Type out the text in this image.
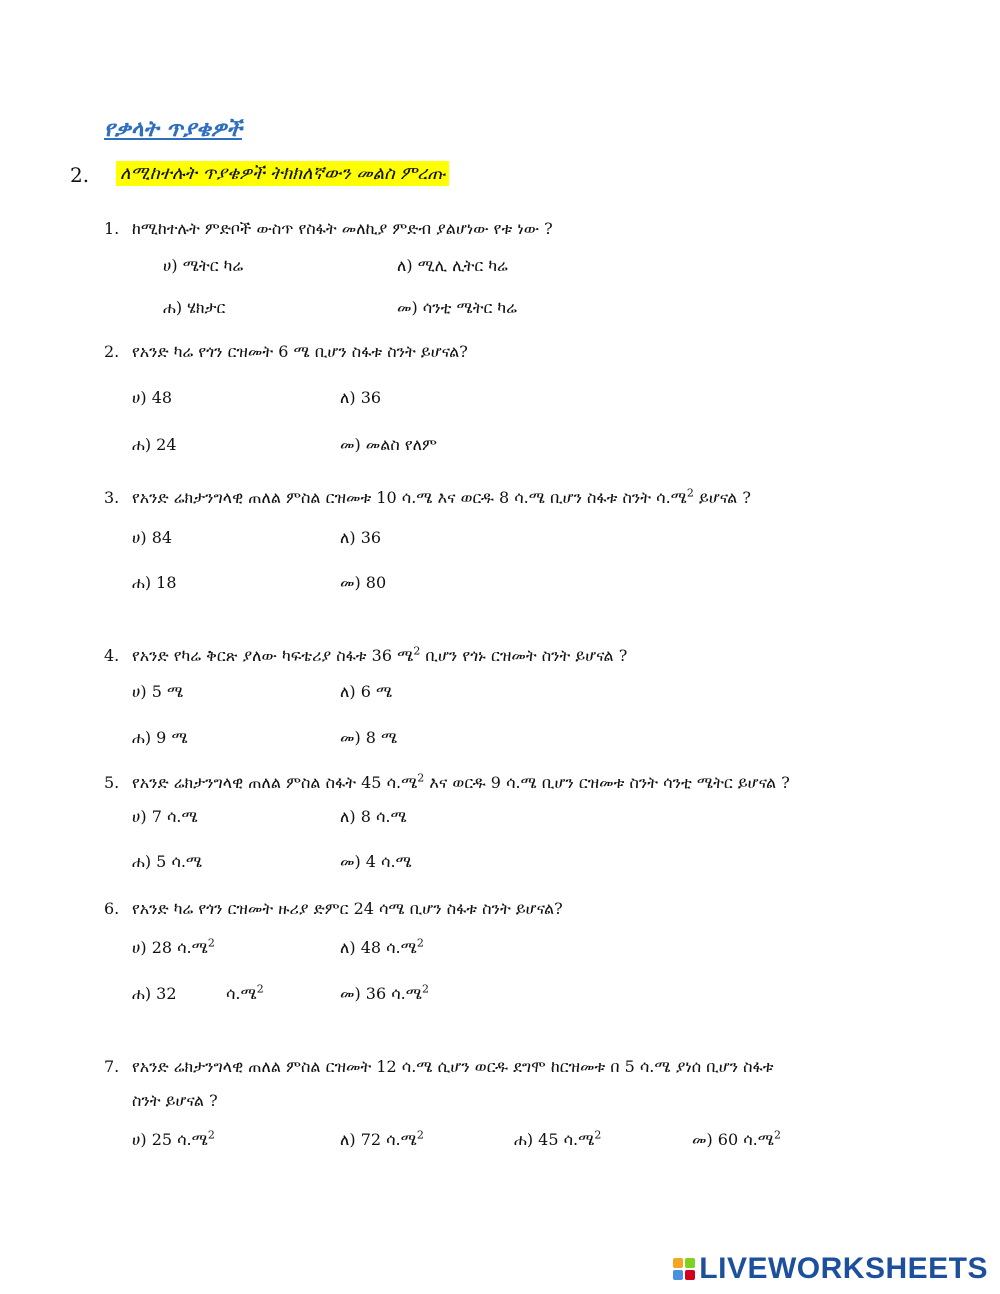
የቃላት ጥያቄዎች
2. ለሚከተሉት ጥያቄዎች ትክክለኛውን መልስ ምረጡ
1. ከሚከተሉት ምድቦች ውስጥ የስፋት መለኪያ ምድብ ያልሆነው የቱ ነው ?
ሀ) ሜትር ካሬ	ለ) ሚሊ ሊትር ካሬ
ሐ) ሄክታር	መ) ሳንቲ ሜትር ካሬ
2. የአንድ ካሬ የጎን ርዝመት 6 ሜ ቢሆን ስፋቱ ስንት ይሆናል?
ሀ) 48	ለ) 36
ሐ) 24	መ) መልስ የለም
3. የአንድ ሬክታንግላዊ ጠለል ምስል ርዝመቱ 10 ሳ.ሜ እና ወርዱ 8 ሳ.ሜ ቢሆን ስፋቱ ስንት ሳ.ሜ$^2$ ይሆናል ?
ሀ) 84	ለ) 36
ሐ) 18	መ) 80
4. የአንድ የካሬ ቅርጽ ያለው ካፍቴሪያ ስፋቱ 36 ሜ$^2$ ቢሆን የጎኑ ርዝመት ስንት ይሆናል ?
ሀ) 5 ሜ	ለ) 6 ሜ
ሐ) 9 ሜ	መ) 8 ሜ
5. የአንድ ሬክታንግላዊ ጠለል ምስል ስፋት 45 ሳ.ሜ$^2$ እና ወርዱ 9 ሳ.ሜ ቢሆን ርዝመቱ ስንት ሳንቲ ሜትር ይሆናል ?
ሀ) 7 ሳ.ሜ	ለ) 8 ሳ.ሜ
ሐ) 5 ሳ.ሜ	መ) 4 ሳ.ሜ
6. የአንድ ካሬ የጎን ርዝመት ዙሪያ ድምር 24 ሳሜ ቢሆን ስፋቱ ስንት ይሆናል?
ሀ) 28 ሳ.ሜ$^2$	ለ) 48 ሳ.ሜ$^2$
ሐ) 32	ሳ.ሜ$^2$	መ) 36 ሳ.ሜ$^2$
7. የአንድ ሬክታንግላዊ ጠለል ምስል ርዝመት 12 ሳ.ሜ ሲሆን ወርዱ ደግሞ ከርዝመቱ በ 5 ሳ.ሜ ያነሰ ቢሆን ስፋቱ
ስንት ይሆናል ?
ሀ) 25 ሳ.ሜ$^2$	ለ) 72 ሳ.ሜ$^2$	ሐ) 45 ሳ.ሜ$^2$	መ) 60 ሳ.ሜ$^2$
LIVEWORKSHEETS
